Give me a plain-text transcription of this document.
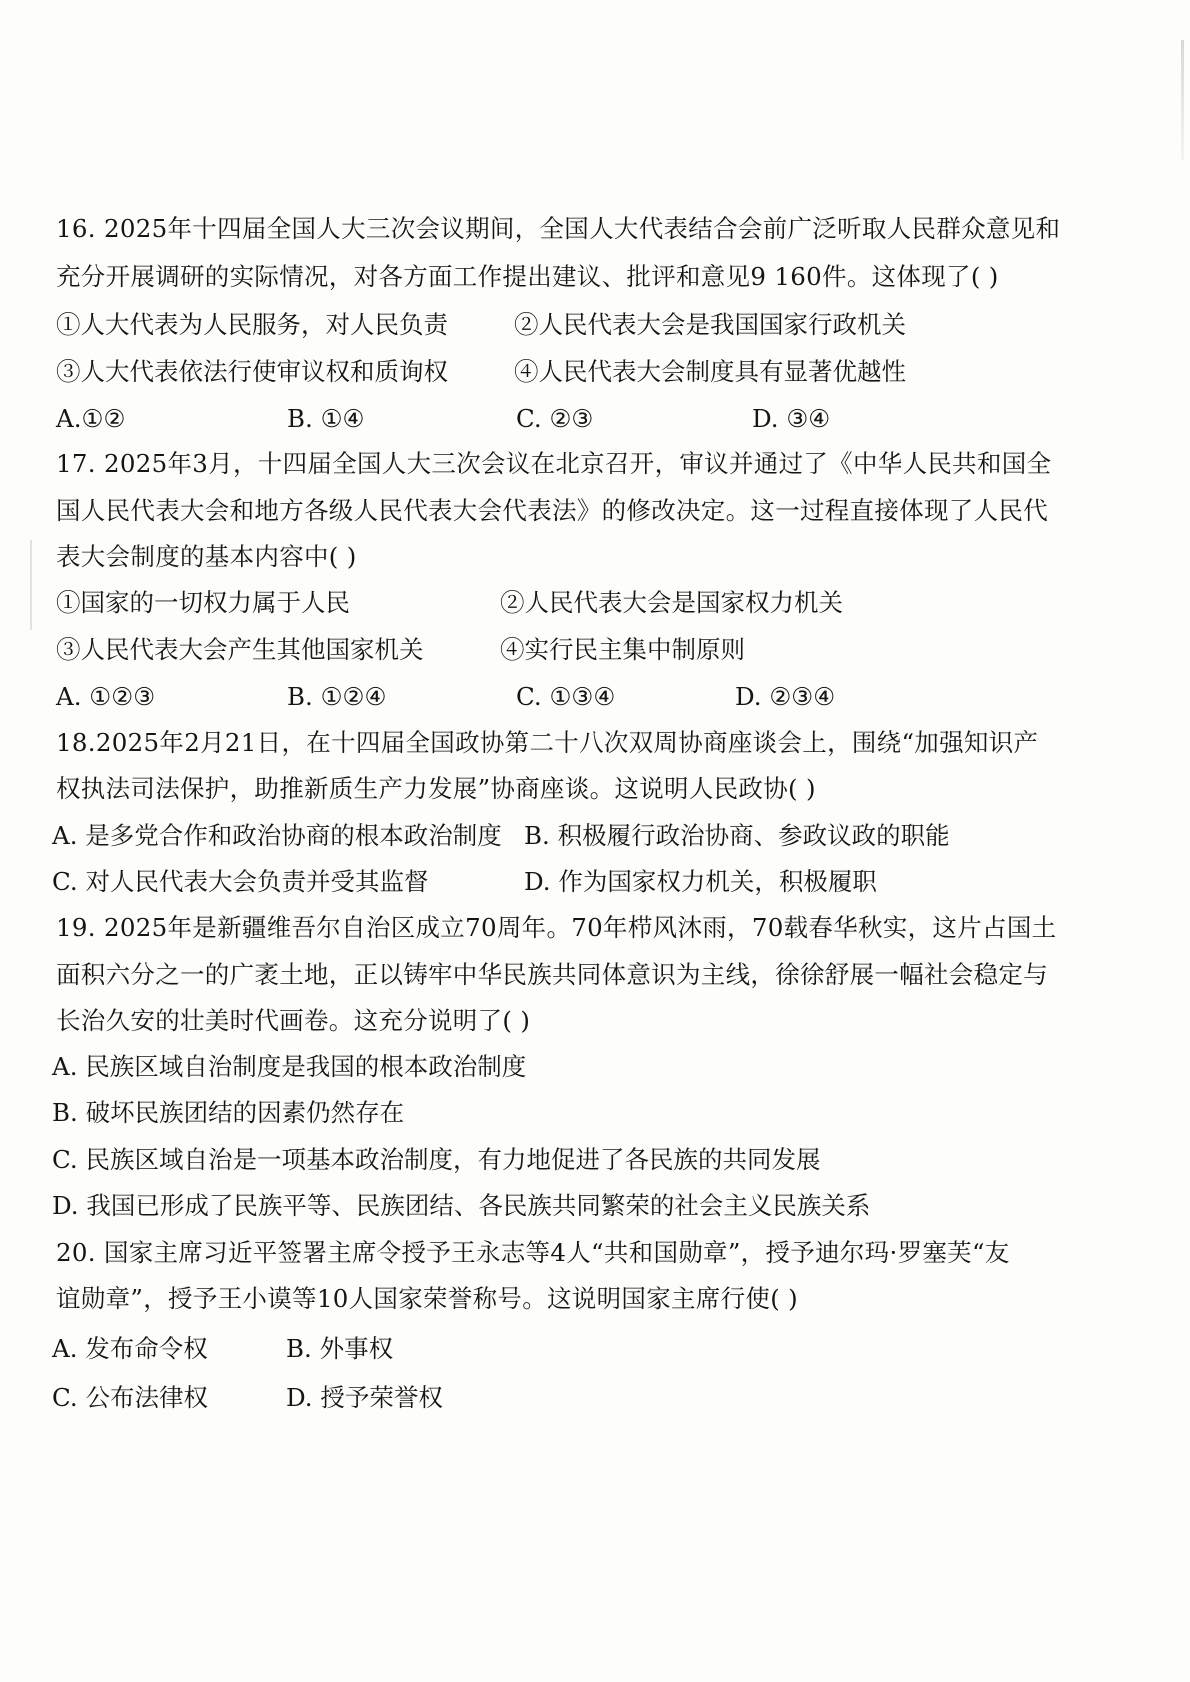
16. 2025年十四届全国人大三次会议期间，全国人大代表结合会前广泛听取人民群众意见和
充分开展调研的实际情况，对各方面工作提出建议、批评和意见9 160件。这体现了( )
①人大代表为人民服务，对人民负责	②人民代表大会是我国国家行政机关
③人大代表依法行使审议权和质询权	④人民代表大会制度具有显著优越性
A.①②	B. ①④	C. ②③	D. ③④
17. 2025年3月，十四届全国人大三次会议在北京召开，审议并通过了《中华人民共和国全
国人民代表大会和地方各级人民代表大会代表法》的修改决定。这一过程直接体现了人民代
表大会制度的基本内容中( )
①国家的一切权力属于人民	②人民代表大会是国家权力机关
③人民代表大会产生其他国家机关	④实行民主集中制原则
A. ①②③	B. ①②④	C. ①③④	D. ②③④
18.2025年2月21日，在十四届全国政协第二十八次双周协商座谈会上，围绕“加强知识产
权执法司法保护，助推新质生产力发展”协商座谈。这说明人民政协( )
A. 是多党合作和政治协商的根本政治制度 B. 积极履行政治协商、参政议政的职能
C. 对人民代表大会负责并受其监督	D. 作为国家权力机关，积极履职
19. 2025年是新疆维吾尔自治区成立70周年。70年栉风沐雨，70载春华秋实，这片占国土
面积六分之一的广袤土地，正以铸牢中华民族共同体意识为主线，徐徐舒展一幅社会稳定与
长治久安的壮美时代画卷。这充分说明了( )
A. 民族区域自治制度是我国的根本政治制度
B. 破坏民族团结的因素仍然存在
C. 民族区域自治是一项基本政治制度，有力地促进了各民族的共同发展
D. 我国已形成了民族平等、民族团结、各民族共同繁荣的社会主义民族关系
20. 国家主席习近平签署主席令授予王永志等4人“共和国勋章”，授予迪尔玛·罗塞芙“友
谊勋章”，授予王小谟等10人国家荣誉称号。这说明国家主席行使( )
A. 发布命令权	B. 外事权
C. 公布法律权	D. 授予荣誉权
